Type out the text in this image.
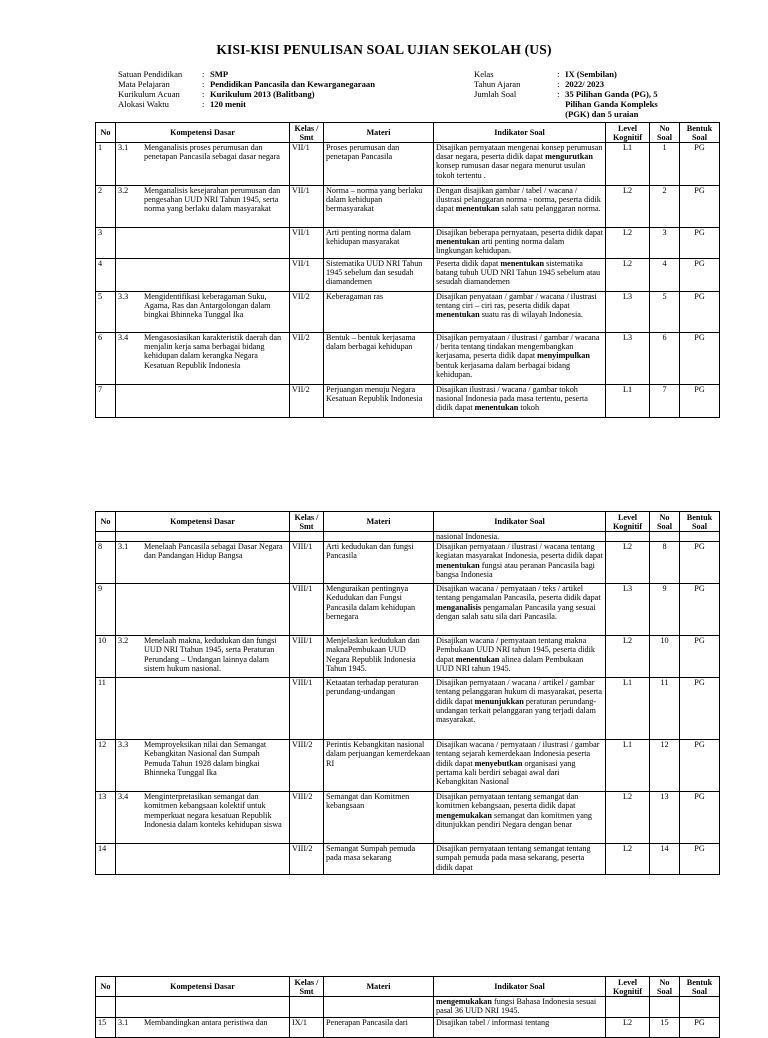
KISI-KISI PENULISAN SOAL UJIAN SEKOLAH (US)
Satuan Pendidikan	: SMP
Mata Pelajaran	: Pendidikan Pancasila dan Kewarganegaraan
Kurikulum Acuan	: Kurikulum 2013 (Balitbang)
Alokasi Waktu	: 120 menit
Kelas	: IX (Sembilan)
Tahun Ajaran	: 2022/ 2023
Jumlah Soal	: 35 Pilihan Ganda (PG), 5 Pilihan Ganda Kompleks (PGK) dan 5 uraian
No	Kompetensi Dasar	Kelas / Smt	Materi	Indikator Soal	Level Kognitif	No Soal	Bentuk Soal
1	3.1 Menganalisis proses perumusan dan penetapan Pancasila sebagai dasar negara	VII/1	Proses perumusan dan penetapan Pancasila	Disajikan pernyataan mengenai konsep perumusan dasar negara, peserta didik dapat mengurutkan konsep rumusan dasar negara menurut usulan tokoh tertentu .	L1	1	PG
2	3.2 Menganalisis kesejarahan perumusan dan pengesahan UUD NRI Tahun 1945, serta norma yang berlaku dalam masyarakat	VII/1	Norma – norma yang berlaku dalam kehidupan bermasyarakat	Dengan disajikan gambar / tabel / wacana / ilustrasi pelanggaran norma - norma, peserta didik dapat menentukan salah satu pelanggaran norma.	L2	2	PG
3		VII/1	Arti penting norma dalam kehidupan masyarakat	Disajikan beberapa pernyataan, peserta didik dapat menentukan arti penting norma dalam lingkungan kehidupan.	L2	3	PG
4		VII/1	Sistematika UUD NRI Tahun 1945 sebelum dan sesudah diamandemen	Peserta didik dapat menentukan sistematika batang tubuh UUD NRI Tahun 1945 sebelum atau sesudah diamandemen	L2	4	PG
5	3.3 Mengidentifikasi keberagaman Suku, Agama, Ras dan Antargolongan dalam bingkai Bhinneka Tunggal Ika	VII/2	Keberagaman ras	Disajikan penyataan / gambar / wacana / ilustrasi tentang ciri – ciri ras, peserta didik dapat menentukan suatu ras di wilayah Indonesia.	L3	5	PG
6	3.4 Mengasosiasikan karakteristik daerah dan menjalin kerja sama berbagai bidang kehidupan dalam kerangka Negara Kesatuan Republik Indonesia	VII/2	Bentuk – bentuk kerjasama dalam berbagai kehidupan	Disajikan pernyataan / ilustrasi / gambar / wacana / berita tentang tindakan mengembangkan kerjasama, peserta didik dapat menyimpulkan bentuk kerjasama dalam berbagai bidang kehidupan.	L3	6	PG
7		VII/2	Perjuangan menuju Negara Kesatuan Republik Indonesia	Disajikan ilustrasi / wacana / gambar tokoh nasional Indonesia pada masa tertentu, peserta didik dapat menentukan tokoh	L1	7	PG
No	Kompetensi Dasar	Kelas / Smt	Materi	Indikator Soal	Level Kognitif	No Soal	Bentuk Soal
				nasional Indonesia.			
8	3.1 Menelaah Pancasila sebagai Dasar Negara dan Pandangan Hidup Bangsa	VIII/1	Arti kedudukan dan fungsi Pancasila	Disajikan pernyataan / ilustrasi / wacana tentang kegiatan masyarakat Indonesia, peserta didik dapat menentukan fungsi atau peranan Pancasila bagi bangsa Indonesia	L2	8	PG
9		VIII/1	Menguraikan pentingnya Kedudukan dan Fungsi Pancasila dalam kehidupan bernegara	Disajikan wacana / pernyataan / teks / artikel tentang pengamalan Pancasila, peserta didik dapat menganalisis pengamalan Pancasila yang sesuai dengan salah satu sila dari Pancasila.	L3	9	PG
10	3.2 Menelaah makna, kedudukan dan fungsi UUD NRI Ttahun 1945, serta Peraturan Perundang – Undangan lainnya dalam sistem hukum nasional.	VIII/1	Menjelaskan kedudukan dan maknaPembukaan UUD Negara Republik Indonesia Tahun 1945.	Disajikan wacana / pernyataan tentang makna Pembukaan UUD NRI tahun 1945, peserta didik dapat menentukan alinea dalam Pembukaan UUD NRI tahun 1945.	L2	10	PG
11		VIII/1	Ketaatan terhadap peraturan perundang-undangan	Disajikan pernyataan / wacana / artikel / gambar tentang pelanggaran hukum di masyarakat, peserta didik dapat menunjukkan peraturan perundang-undangan terkait pelanggaran yang terjadi dalam masyarakat.	L1	11	PG
12	3.3 Memproyeksikan nilai dan Semangat Kebangkitan Nasional dan Sumpah Pemuda Tahun 1928 dalam bingkai Bhinneka Tunggal Ika	VIII/2	Perintis Kebangkitan nasional dalam perjuangan kemerdekaan RI	Disajikan wacana / pernyataan / ilustrasi / gambar tentang sejarah kemerdekaan Indonesia peserta didik dapat menyebutkan organisasi yang pertama kali berdiri sebagai awal dari Kebangkitan Nasional	L1	12	PG
13	3.4 Menginterpretasikan semangat dan komitmen kebangsaan kolektif untuk memperkuat negara kesatuan Republik Indonesia dalam konteks kehidupan siswa	VIII/2	Semangat dan Komitmen kebangsaan	Disajikan pernyataan tentang semangat dan komitmen kebangsaan, peserta didik dapat mengemukakan semangat dan komitmen yang ditunjukkan pendiri Negara dengan benar	L2	13	PG
14		VIII/2	Semangat Sumpah pemuda pada masa sekarang	Disajikan pernyataan tentang semangat tentang sumpah pemuda pada masa sekarang, peserta didik dapat	L2	14	PG
No	Kompetensi Dasar	Kelas / Smt	Materi	Indikator Soal	Level Kognitif	No Soal	Bentuk Soal
				mengemukakan fungsi Bahasa Indonesia sesuai pasal 36 UUD NRI 1945.			
15	3.1 Membandingkan antara peristiwa dan	IX/1	Penerapan Pancasila dari	Disajikan tabel / informasi tentang	L2	15	PG
